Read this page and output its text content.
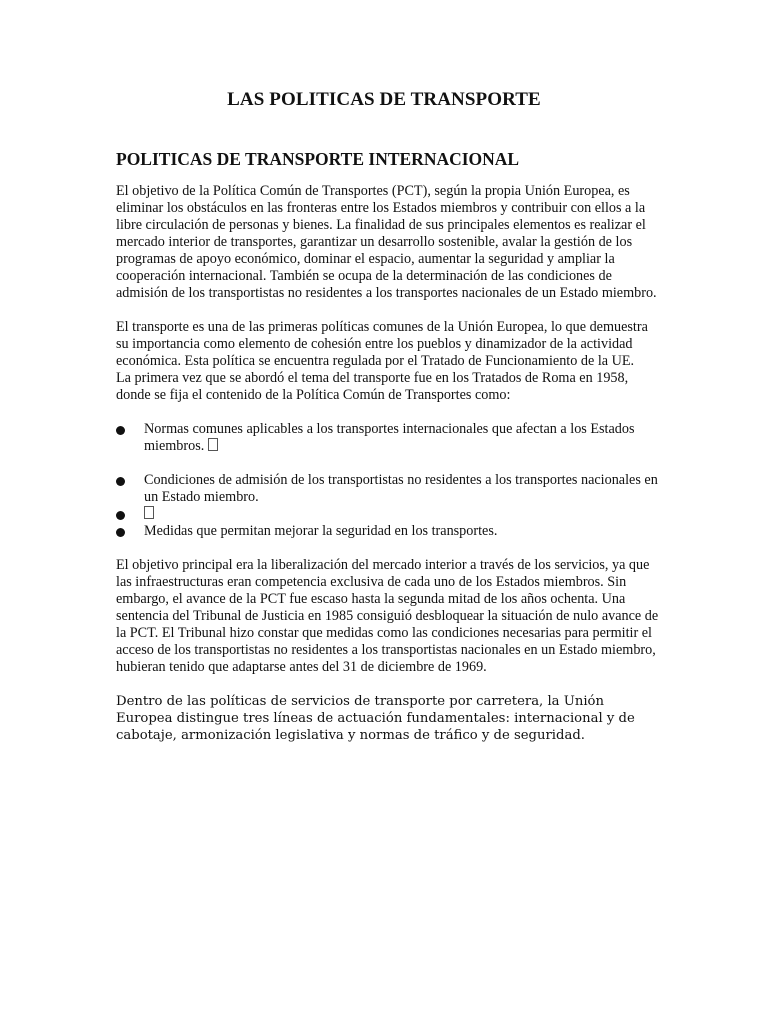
LAS POLITICAS DE TRANSPORTE
POLITICAS DE TRANSPORTE INTERNACIONAL

El objetivo de la Política Común de Transportes (PCT), según la propia Unión Europea, es eliminar los obstáculos en las fronteras entre los Estados miembros y contribuir con ellos a la libre circulación de personas y bienes. La finalidad de sus principales elementos es realizar el mercado interior de transportes, garantizar un desarrollo sostenible, avalar la gestión de los programas de apoyo económico, dominar el espacio, aumentar la seguridad y ampliar la cooperación internacional. También se ocupa de la determinación de las condiciones de admisión de los transportistas no residentes a los transportes nacionales de un Estado miembro.

El transporte es una de las primeras políticas comunes de la Unión Europea, lo que demuestra su importancia como elemento de cohesión entre los pueblos y dinamizador de la actividad económica. Esta política se encuentra regulada por el Tratado de Funcionamiento de la UE.

La primera vez que se abordó el tema del transporte fue en los Tratados de Roma en 1958, donde se fija el contenido de la Política Común de Transportes como:

Normas comunes aplicables a los transportes internacionales que afectan a los Estados miembros.
Condiciones de admisión de los transportistas no residentes a los transportes nacionales en un Estado miembro.
Medidas que permitan mejorar la seguridad en los transportes.

El objetivo principal era la liberalización del mercado interior a través de los servicios, ya que las infraestructuras eran competencia exclusiva de cada uno de los Estados miembros. Sin embargo, el avance de la PCT fue escaso hasta la segunda mitad de los años ochenta. Una sentencia del Tribunal de Justicia en 1985 consiguió desbloquear la situación de nulo avance de la PCT. El Tribunal hizo constar que medidas como las condiciones necesarias para permitir el acceso de los transportistas no residentes a los transportistas nacionales en un Estado miembro, hubieran tenido que adaptarse antes del 31 de diciembre de 1969.

Dentro de las políticas de servicios de transporte por carretera, la Unión Europea distingue tres líneas de actuación fundamentales: internacional y de cabotaje, armonización legislativa y normas de tráfico y de seguridad.
